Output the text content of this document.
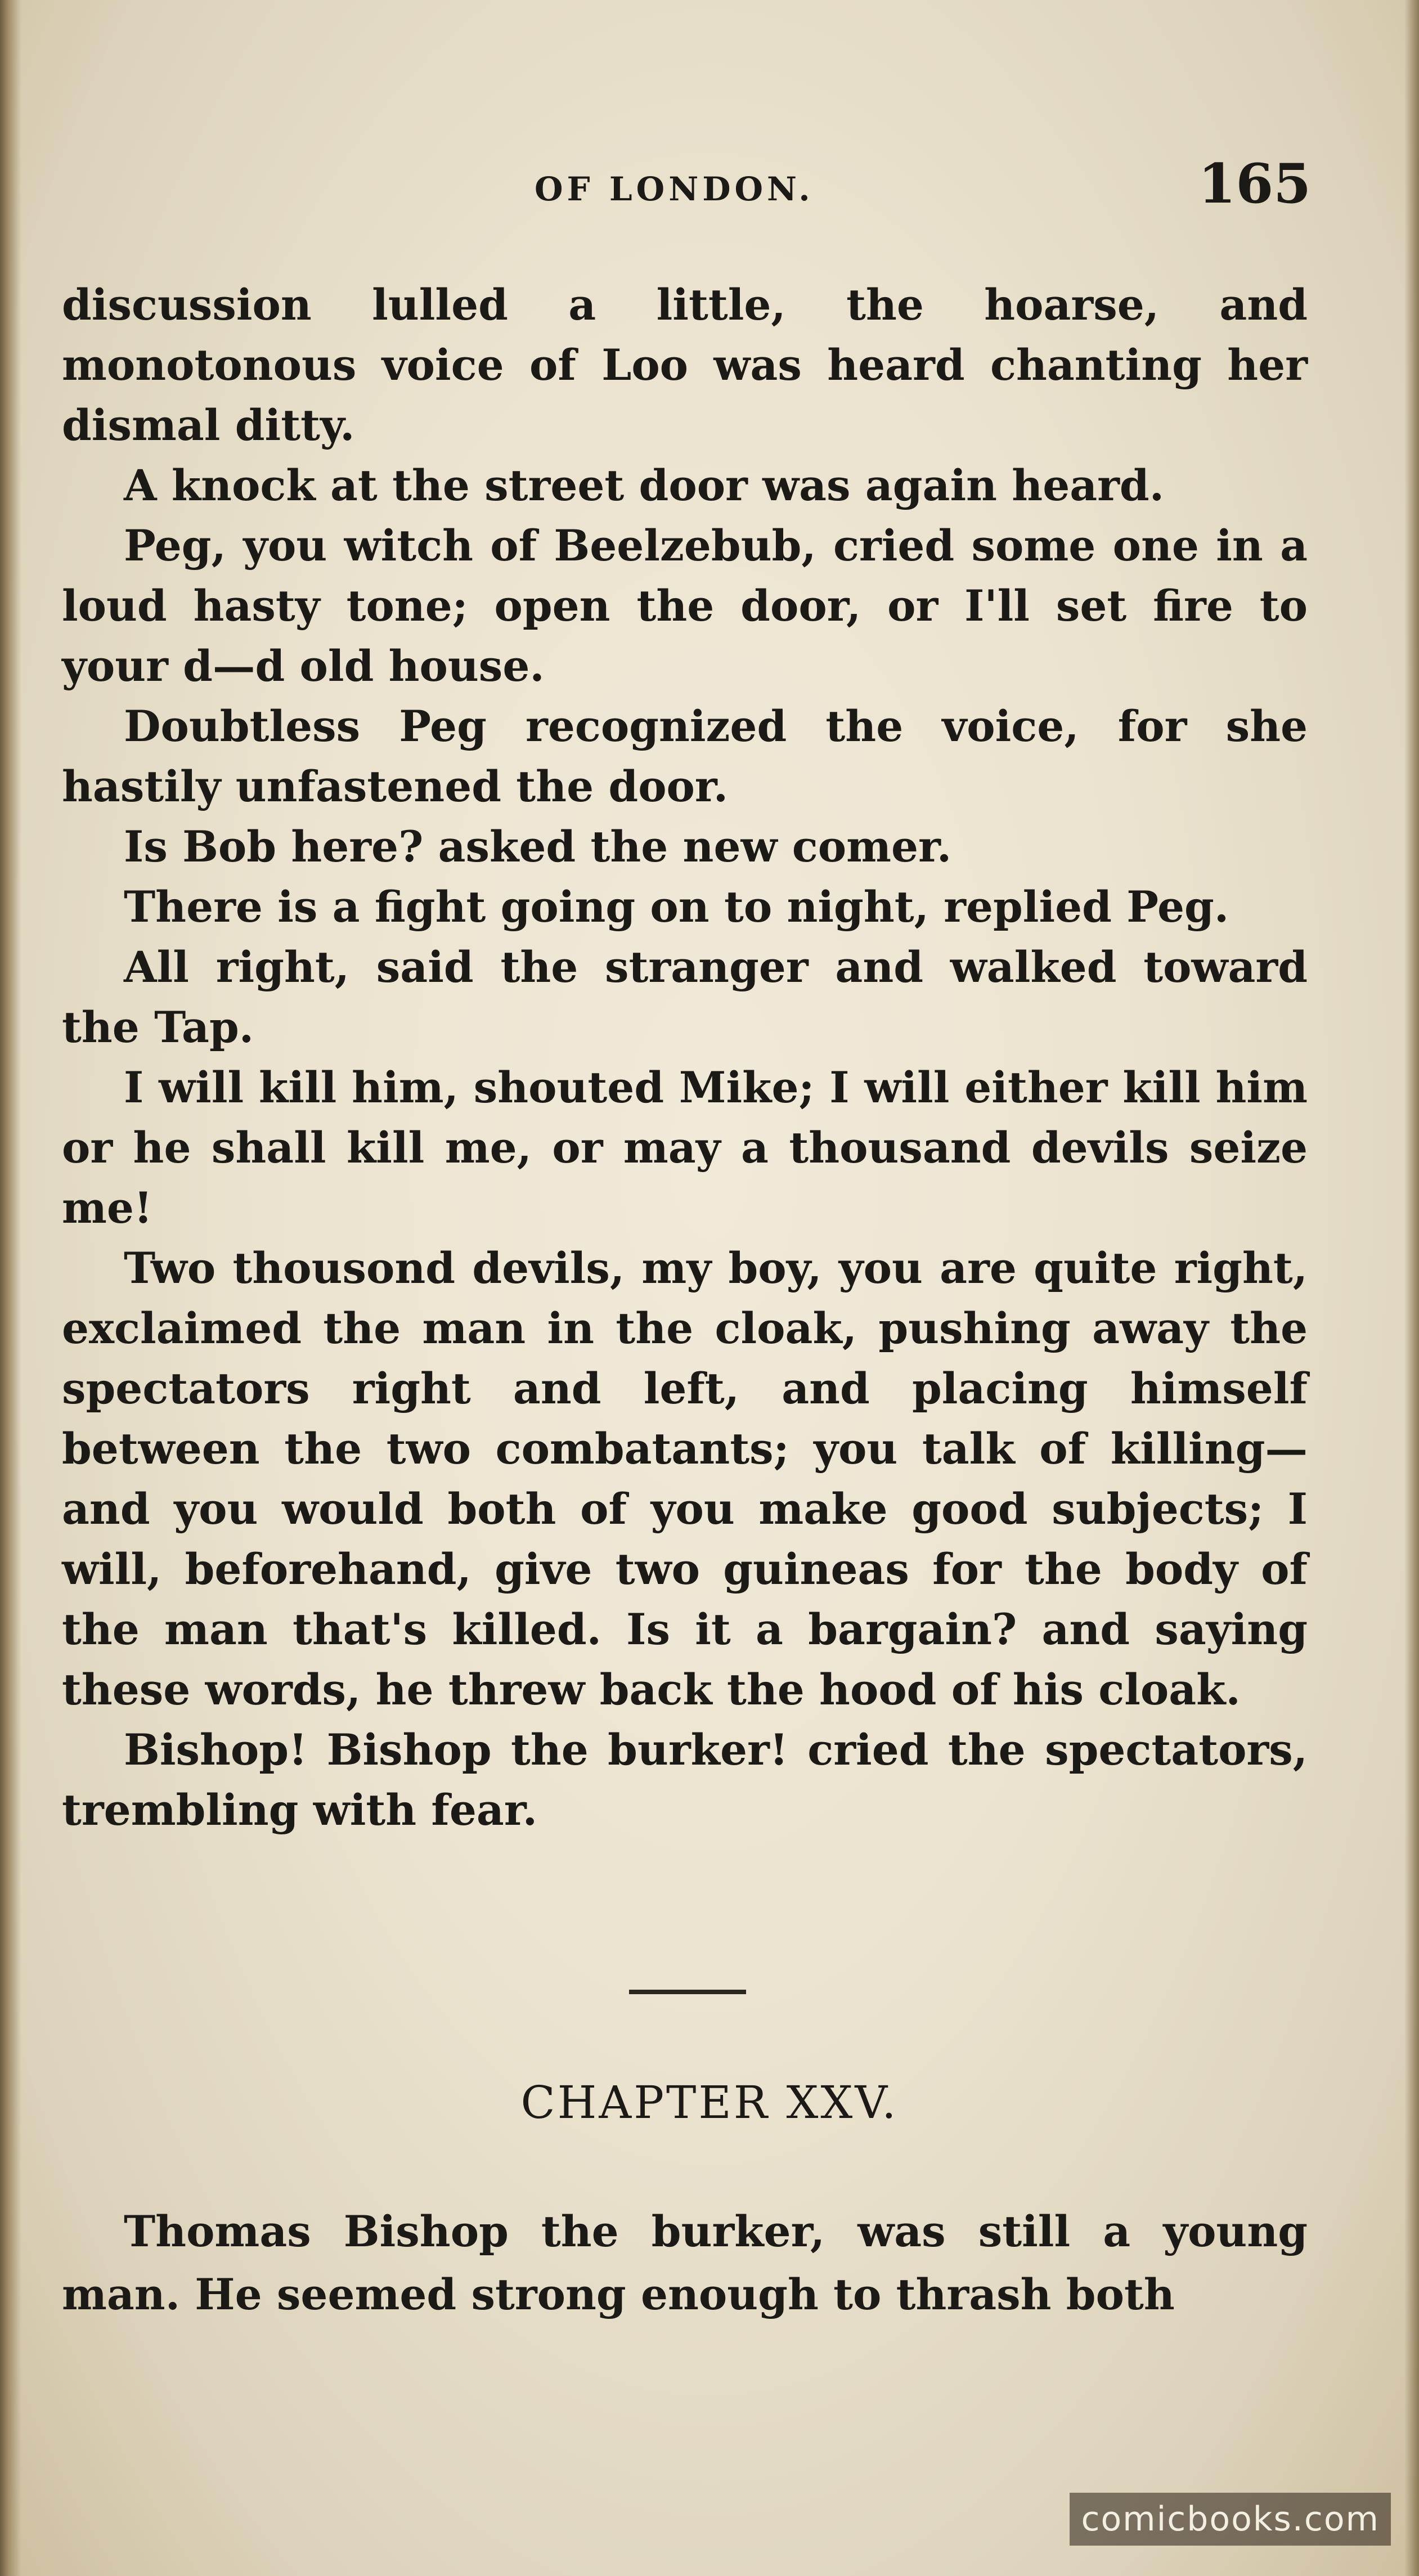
OF LONDON.	165

discussion lulled a little, the hoarse, and monotonous voice of Loo was heard chanting her dismal ditty.

A knock at the street door was again heard.

Peg, you witch of Beelzebub, cried some one in a loud hasty tone; open the door, or I'll set fire to your d—d old house.

Doubtless Peg recognized the voice, for she hastily unfastened the door.

Is Bob here? asked the new comer.

There is a fight going on to night, replied Peg.

All right, said the stranger and walked toward the Tap.

I will kill him, shouted Mike; I will either kill him or he shall kill me, or may a thousand devils seize me!

Two thousond devils, my boy, you are quite right, exclaimed the man in the cloak, pushing away the spectators right and left, and placing himself between the two combatants; you talk of killing—and you would both of you make good subjects; I will, beforehand, give two guineas for the body of the man that's killed. Is it a bargain? and saying these words, he threw back the hood of his cloak.

Bishop! Bishop the burker! cried the spectators, trembling with fear.

CHAPTER XXV.

Thomas Bishop the burker, was still a young man. He seemed strong enough to thrash both

comicbooks.com
